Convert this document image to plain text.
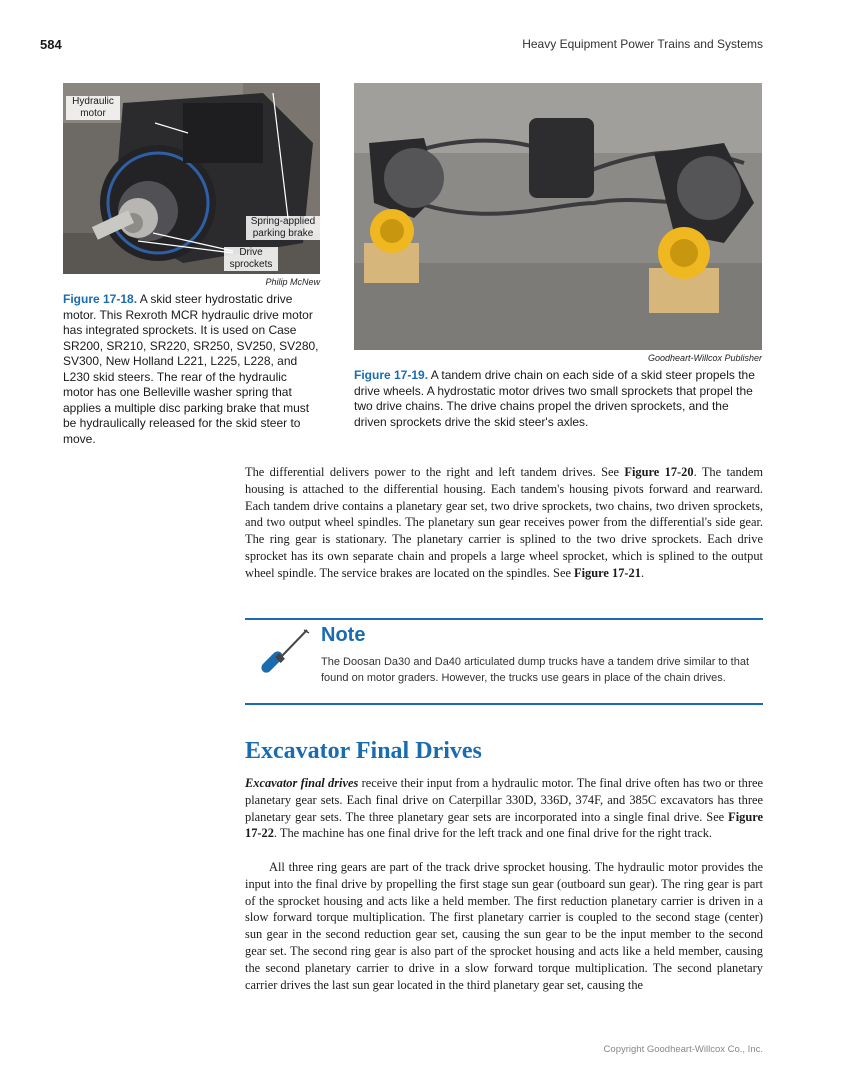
584	Heavy Equipment Power Trains and Systems
Hydraulic motor
Spring-applied parking brake
Drive sprockets
Philip McNew
Figure 17-18. A skid steer hydrostatic drive motor. This Rexroth MCR hydraulic drive motor has integrated sprockets. It is used on Case SR200, SR210, SR220, SR250, SV250, SV280, SV300, New Holland L221, L225, L228, and L230 skid steers. The rear of the hydraulic motor has one Belleville washer spring that applies a multiple disc parking brake that must be hydraulically released for the skid steer to move.
Goodheart-Willcox Publisher
Figure 17-19. A tandem drive chain on each side of a skid steer propels the drive wheels. A hydrostatic motor drives two small sprockets that propel the two drive chains. The drive chains propel the driven sprockets, and the driven sprockets drive the skid steer's axles.

The differential delivers power to the right and left tandem drives. See Figure 17-20. The tandem housing is attached to the differential housing. Each tandem's housing pivots forward and rearward. Each tandem drive contains a planetary gear set, two drive sprockets, two chains, two driven sprockets, and two output wheel spindles. The planetary sun gear receives power from the differential's side gear. The ring gear is stationary. The planetary carrier is splined to the two drive sprockets. Each drive sprocket has its own separate chain and propels a large wheel sprocket, which is splined to the output wheel spindle. The service brakes are located on the spindles. See Figure 17-21.

Note
The Doosan Da30 and Da40 articulated dump trucks have a tandem drive similar to that found on motor graders. However, the trucks use gears in place of the chain drives.
Excavator Final Drives

Excavator final drives receive their input from a hydraulic motor. The final drive often has two or three planetary gear sets. Each final drive on Caterpillar 330D, 336D, 374F, and 385C excavators has three planetary gear sets. The three planetary gear sets are incorporated into a single final drive. See Figure 17-22. The machine has one final drive for the left track and one final drive for the right track.

All three ring gears are part of the track drive sprocket housing. The hydraulic motor provides the input into the final drive by propelling the first stage sun gear (outboard sun gear). The ring gear is part of the sprocket housing and acts like a held member. The first reduction planetary carrier is driven in a slow forward torque multiplication. The first planetary carrier is coupled to the second stage (center) sun gear in the second reduction gear set, causing the sun gear to be the input member to the second gear set. The second ring gear is also part of the sprocket housing and acts like a held member, causing the second planetary carrier to drive in a slow forward torque multiplication. The second planetary carrier drives the last sun gear located in the third planetary gear set, causing the

Copyright Goodheart-Willcox Co., Inc.
